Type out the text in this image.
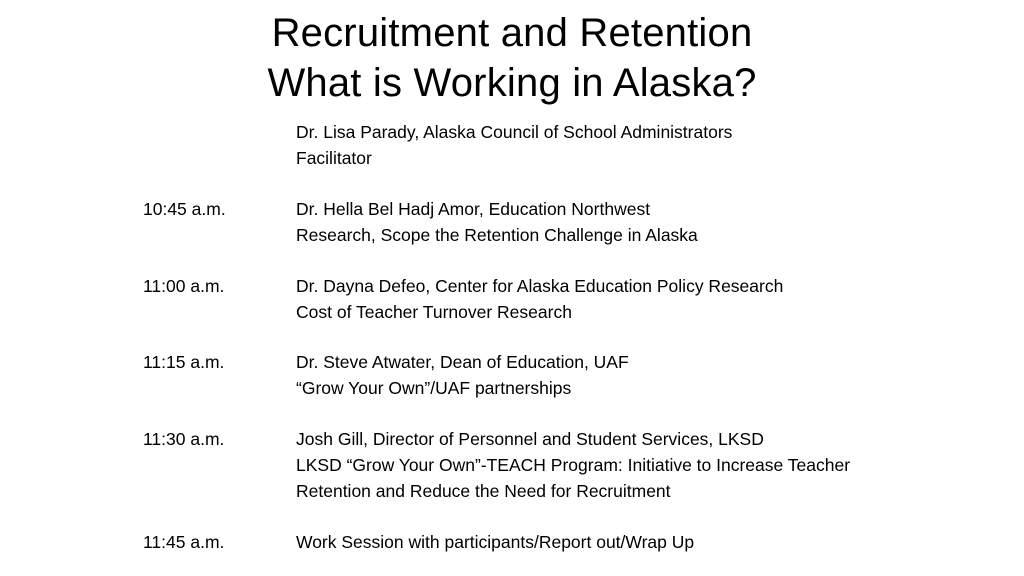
Recruitment and Retention
What is Working in Alaska?
Dr. Lisa Parady, Alaska Council of School Administrators
Facilitator
10:45 a.m.	Dr. Hella Bel Hadj Amor, Education Northwest
Research, Scope the Retention Challenge in Alaska
11:00 a.m.	Dr. Dayna Defeo, Center for Alaska Education Policy Research
Cost of Teacher Turnover Research
11:15 a.m.	Dr. Steve Atwater, Dean of Education, UAF
“Grow Your Own”/UAF partnerships
11:30 a.m.	Josh Gill, Director of Personnel and Student Services, LKSD
LKSD “Grow Your Own”-TEACH Program: Initiative to Increase Teacher
Retention and Reduce the Need for Recruitment
11:45 a.m.	Work Session with participants/Report out/Wrap Up
